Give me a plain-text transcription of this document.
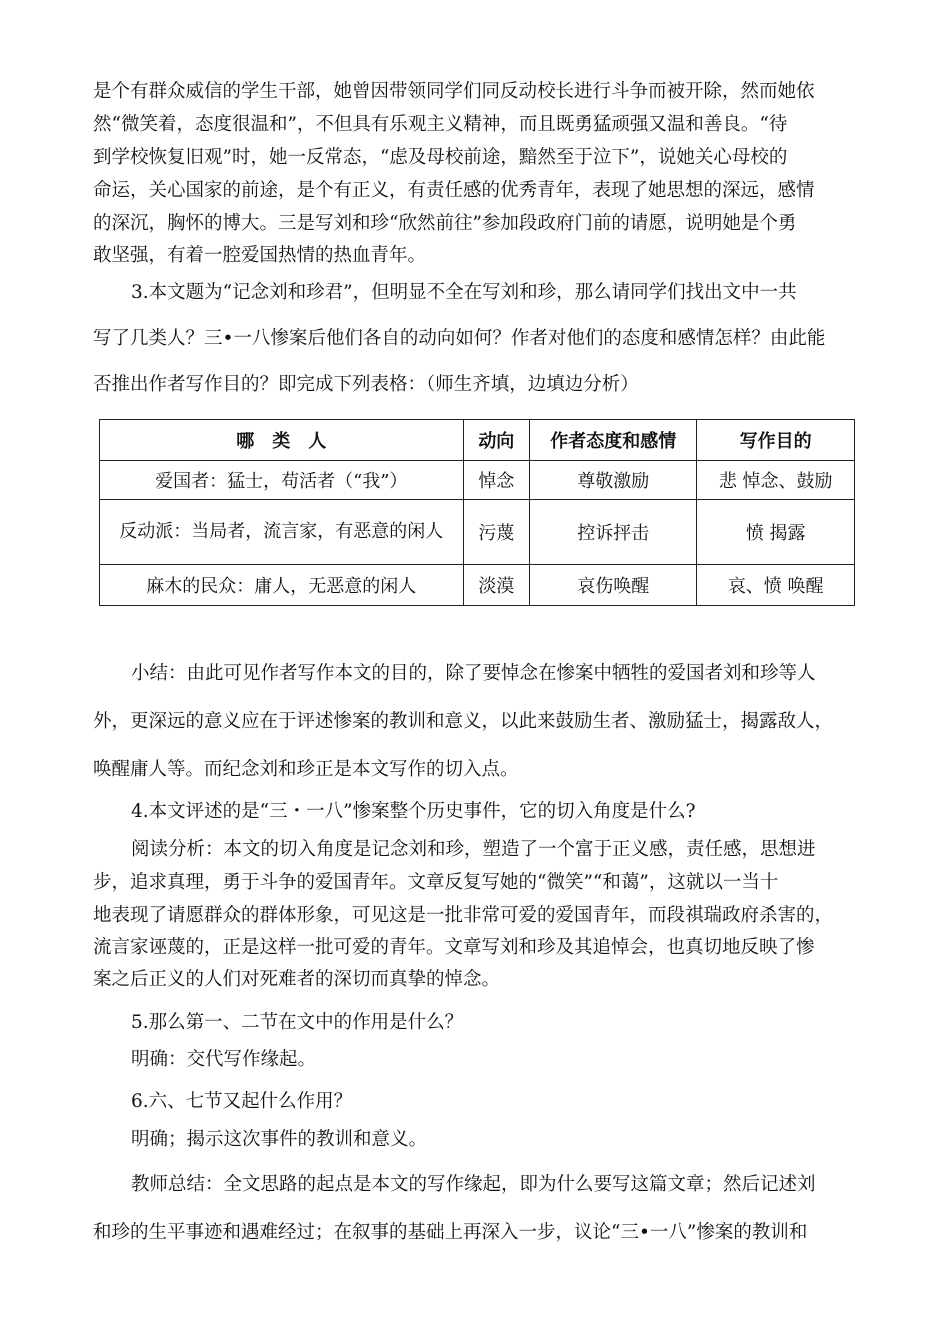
是个有群众威信的学生干部，她曾因带领同学们同反动校长进行斗争而被开除，然而她依
然“微笑着，态度很温和”，不但具有乐观主义精神，而且既勇猛顽强又温和善良。“待
到学校恢复旧观”时，她一反常态，“虑及母校前途，黯然至于泣下”，说她关心母校的
命运，关心国家的前途，是个有正义，有责任感的优秀青年，表现了她思想的深远，感情
的深沉，胸怀的博大。三是写刘和珍“欣然前往”参加段政府门前的请愿，说明她是个勇
敢坚强，有着一腔爱国热情的热血青年。
3.本文题为“记念刘和珍君”，但明显不全在写刘和珍，那么请同学们找出文中一共
写了几类人？三•一八惨案后他们各自的动向如何？作者对他们的态度和感情怎样？由此能
否推出作者写作目的？即完成下列表格：（师生齐填，边填边分析）
哪　类　人	动向	作者态度和感情	写作目的
爱国者：猛士，苟活者（“我”）	悼念	尊敬激励	悲 悼念、鼓励
反动派：当局者，流言家，有恶意的闲人	污蔑	控诉抨击	愤 揭露
麻木的民众：庸人，无恶意的闲人	淡漠	哀伤唤醒	哀、愤 唤醒
小结：由此可见作者写作本文的目的，除了要悼念在惨案中牺牲的爱国者刘和珍等人
外，更深远的意义应在于评述惨案的教训和意义，以此来鼓励生者、激励猛士，揭露敌人，
唤醒庸人等。而纪念刘和珍正是本文写作的切入点。
4.本文评述的是“三・一八”惨案整个历史事件，它的切入角度是什么?
阅读分析：本文的切入角度是记念刘和珍，塑造了一个富于正义感，责任感，思想进
步，追求真理，勇于斗争的爱国青年。文章反复写她的“微笑”“和蔼”，这就以一当十
地表现了请愿群众的群体形象，可见这是一批非常可爱的爱国青年，而段祺瑞政府杀害的，
流言家诬蔑的，正是这样一批可爱的青年。文章写刘和珍及其追悼会，也真切地反映了惨
案之后正义的人们对死难者的深切而真挚的悼念。
5.那么第一、二节在文中的作用是什么？
明确：交代写作缘起。
6.六、七节又起什么作用？
明确；揭示这次事件的教训和意义。
教师总结：全文思路的起点是本文的写作缘起，即为什么要写这篇文章；然后记述刘
和珍的生平事迹和遇难经过；在叙事的基础上再深入一步，议论“三•一八”惨案的教训和
